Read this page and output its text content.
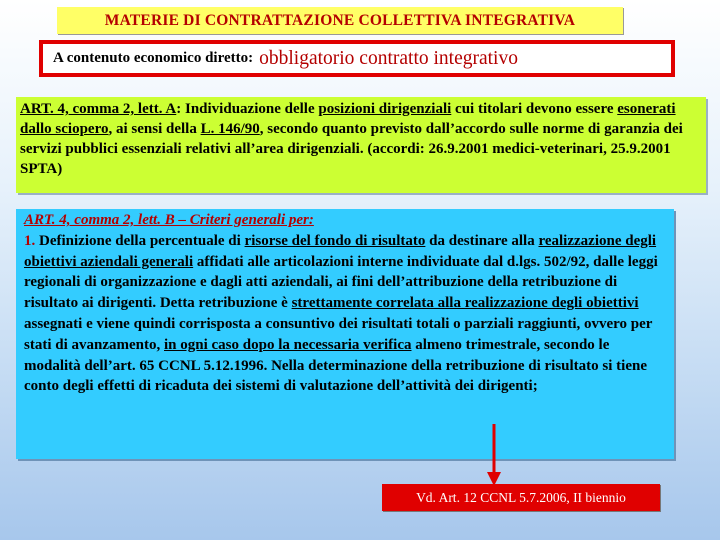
MATERIE DI CONTRATTAZIONE COLLETTIVA INTEGRATIVA
A contenuto economico diretto: obbligatorio contratto integrativo
ART. 4, comma 2, lett. A: Individuazione delle posizioni dirigenziali cui titolari devono essere esonerati dallo sciopero, ai sensi della L. 146/90, secondo quanto previsto dall’accordo sulle norme di garanzia dei servizi pubblici essenziali relativi all’area dirigenziali. (accordi: 26.9.2001 medici-veterinari, 25.9.2001 SPTA)
ART. 4, comma 2, lett. B – Criteri generali per:
1. Definizione della percentuale di risorse del fondo di risultato da destinare alla realizzazione degli obiettivi aziendali generali affidati alle articolazioni interne individuate dal d.lgs. 502/92, dalle leggi regionali di organizzazione e dagli atti aziendali, ai fini dell’attribuzione della retribuzione di risultato ai dirigenti. Detta retribuzione è strettamente correlata alla realizzazione degli obiettivi assegnati e viene quindi corrisposta a consuntivo dei risultati totali o parziali raggiunti, ovvero per stati di avanzamento, in ogni caso dopo la necessaria verifica almeno trimestrale, secondo le modalità dell’art. 65 CCNL 5.12.1996. Nella determinazione della retribuzione di risultato si tiene conto degli effetti di ricaduta dei sistemi di valutazione dell’attività dei dirigenti;
Vd. Art. 12 CCNL 5.7.2006, II biennio
